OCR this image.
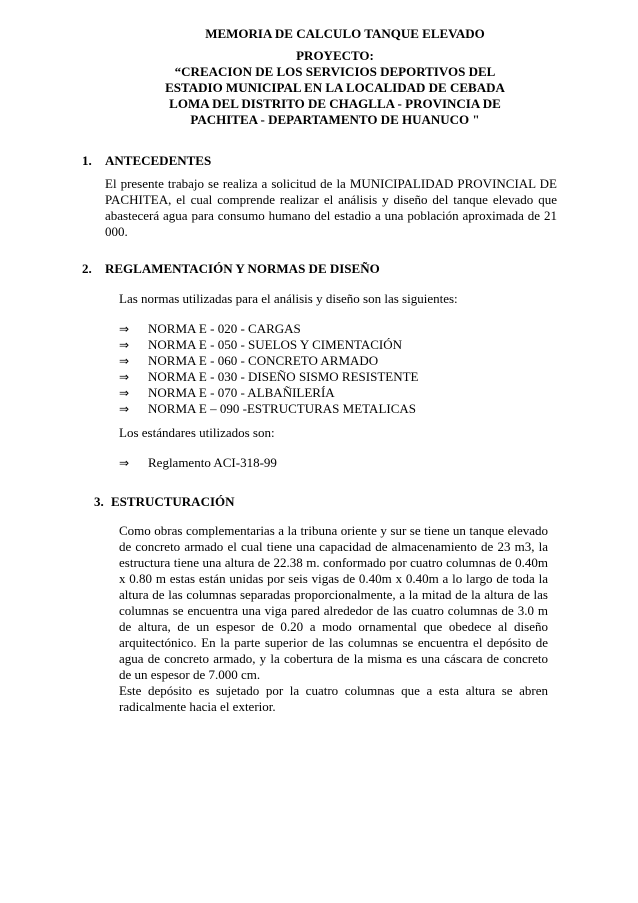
MEMORIA DE CALCULO TANQUE ELEVADO
PROYECTO:
“CREACION DE LOS SERVICIOS DEPORTIVOS DEL
ESTADIO MUNICIPAL EN LA LOCALIDAD DE CEBADA
LOMA DEL DISTRITO DE CHAGLLA - PROVINCIA DE
PACHITEA - DEPARTAMENTO DE HUANUCO "
1. ANTECEDENTES

El presente trabajo se realiza a solicitud de la MUNICIPALIDAD PROVINCIAL DE PACHITEA, el cual comprende realizar el análisis y diseño del tanque elevado que abastecerá agua para consumo humano del estadio a una población aproximada de 21 000.

2. REGLAMENTACIÓN Y NORMAS DE DISEÑO
Las normas utilizadas para el análisis y diseño son las siguientes:
⇒	NORMA E - 020 - CARGAS
⇒	NORMA E - 050 - SUELOS Y CIMENTACIÓN
⇒	NORMA E - 060 - CONCRETO ARMADO
⇒	NORMA E - 030 - DISEÑO SISMO RESISTENTE
⇒	NORMA E - 070 - ALBAÑILERÍA
⇒	NORMA E – 090 -ESTRUCTURAS METALICAS
Los estándares utilizados son:
⇒	Reglamento ACI-318-99
3. ESTRUCTURACIÓN

Como obras complementarias a la tribuna oriente y sur se tiene un tanque elevado de concreto armado el cual tiene una capacidad de almacenamiento de 23 m3, la estructura tiene una altura de 22.38 m. conformado por cuatro columnas de 0.40m x 0.80 m estas están unidas por seis vigas de 0.40m x 0.40m a lo largo de toda la altura de las columnas separadas proporcionalmente, a la mitad de la altura de las columnas se encuentra una viga pared alrededor de las cuatro columnas de 3.0 m de altura, de un espesor de 0.20 a modo ornamental que obedece al diseño arquitectónico. En la parte superior de las columnas se encuentra el depósito de agua de concreto armado, y la cobertura de la misma es una cáscara de concreto de un espesor de 7.000 cm.

Este depósito es sujetado por la cuatro columnas que a esta altura se abren radicalmente hacia el exterior.
